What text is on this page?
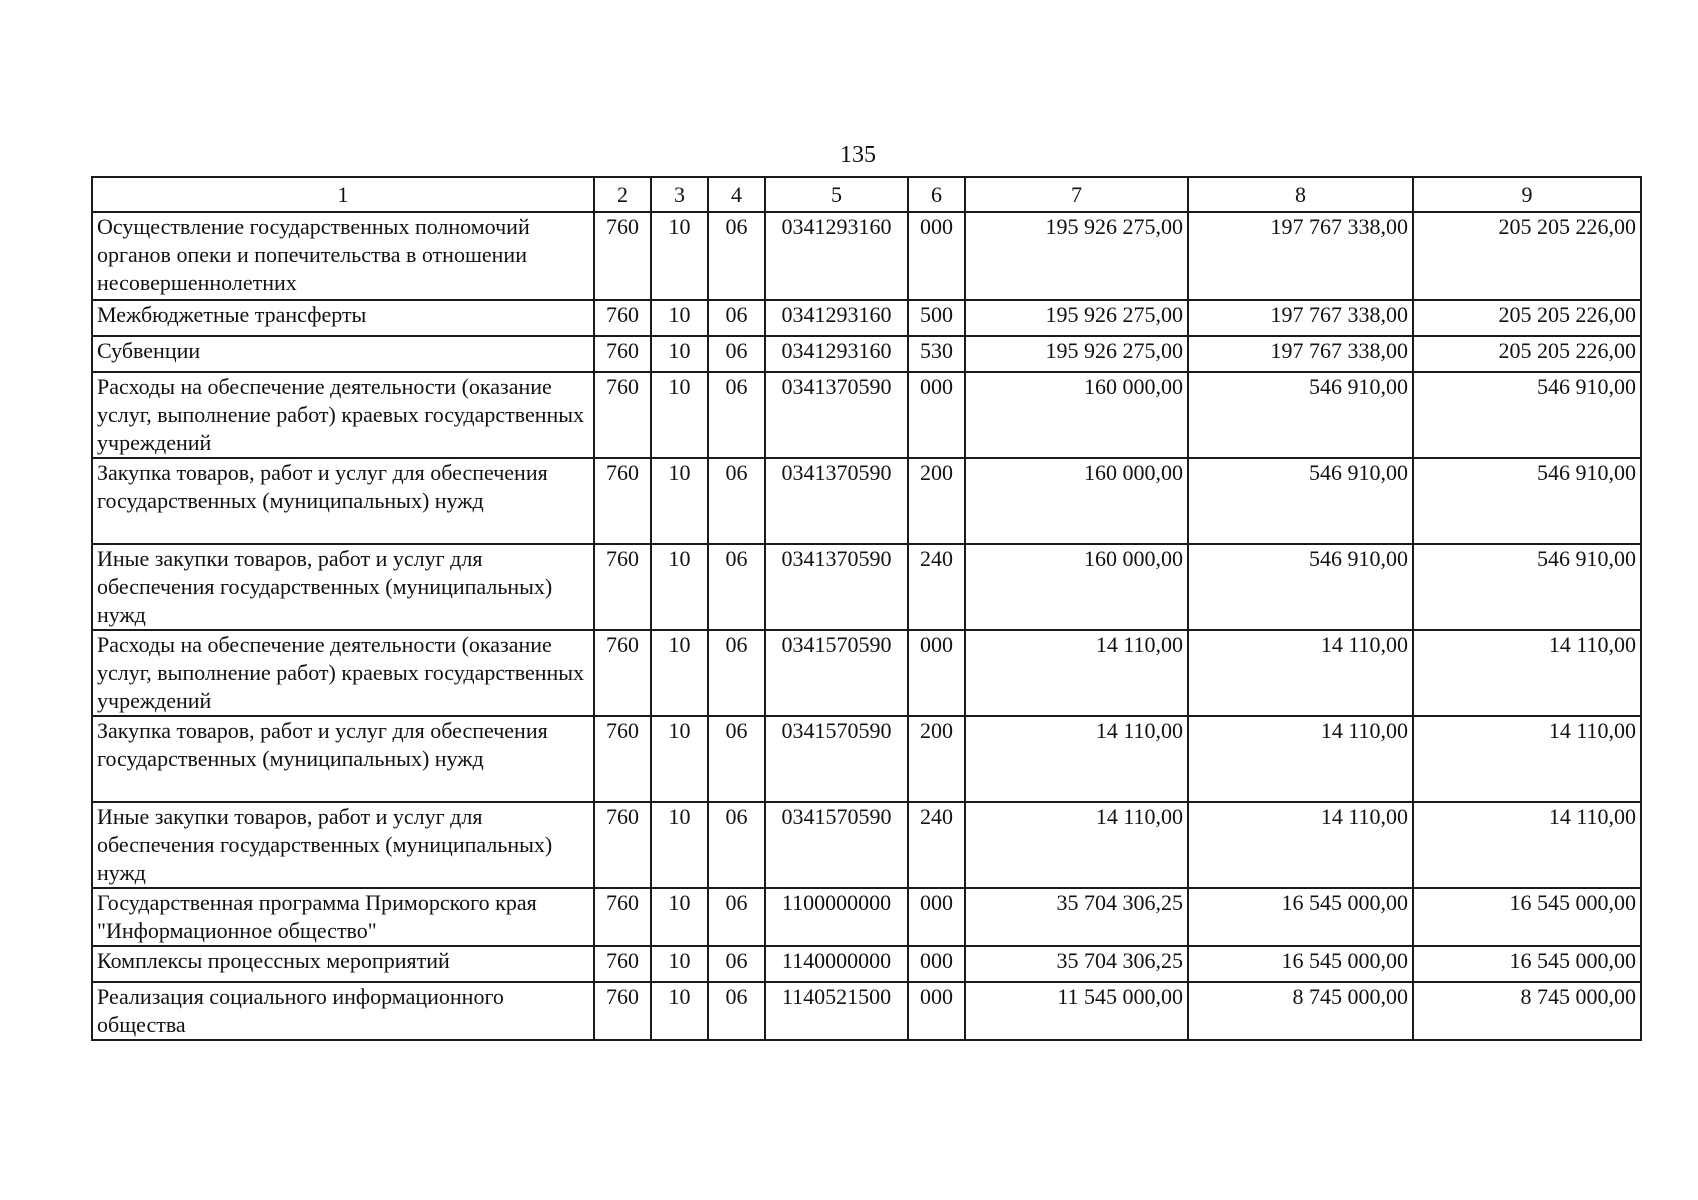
135
1	2	3	4	5	6	7	8	9
Осуществление государственных полномочий органов опеки и попечительства в отношении несовершеннолетних	760	10	06	0341293160	000	195 926 275,00	197 767 338,00	205 205 226,00
Межбюджетные трансферты	760	10	06	0341293160	500	195 926 275,00	197 767 338,00	205 205 226,00
Субвенции	760	10	06	0341293160	530	195 926 275,00	197 767 338,00	205 205 226,00
Расходы на обеспечение деятельности (оказание услуг, выполнение работ) краевых государственных учреждений	760	10	06	0341370590	000	160 000,00	546 910,00	546 910,00
Закупка товаров, работ и услуг для обеспечения государственных (муниципальных) нужд	760	10	06	0341370590	200	160 000,00	546 910,00	546 910,00
Иные закупки товаров, работ и услуг для обеспечения государственных (муниципальных) нужд	760	10	06	0341370590	240	160 000,00	546 910,00	546 910,00
Расходы на обеспечение деятельности (оказание услуг, выполнение работ) краевых государственных учреждений	760	10	06	0341570590	000	14 110,00	14 110,00	14 110,00
Закупка товаров, работ и услуг для обеспечения государственных (муниципальных) нужд	760	10	06	0341570590	200	14 110,00	14 110,00	14 110,00
Иные закупки товаров, работ и услуг для обеспечения государственных (муниципальных) нужд	760	10	06	0341570590	240	14 110,00	14 110,00	14 110,00
Государственная программа Приморского края "Информационное общество"	760	10	06	1100000000	000	35 704 306,25	16 545 000,00	16 545 000,00
Комплексы процессных мероприятий	760	10	06	1140000000	000	35 704 306,25	16 545 000,00	16 545 000,00
Реализация социального информационного общества	760	10	06	1140521500	000	11 545 000,00	8 745 000,00	8 745 000,00
